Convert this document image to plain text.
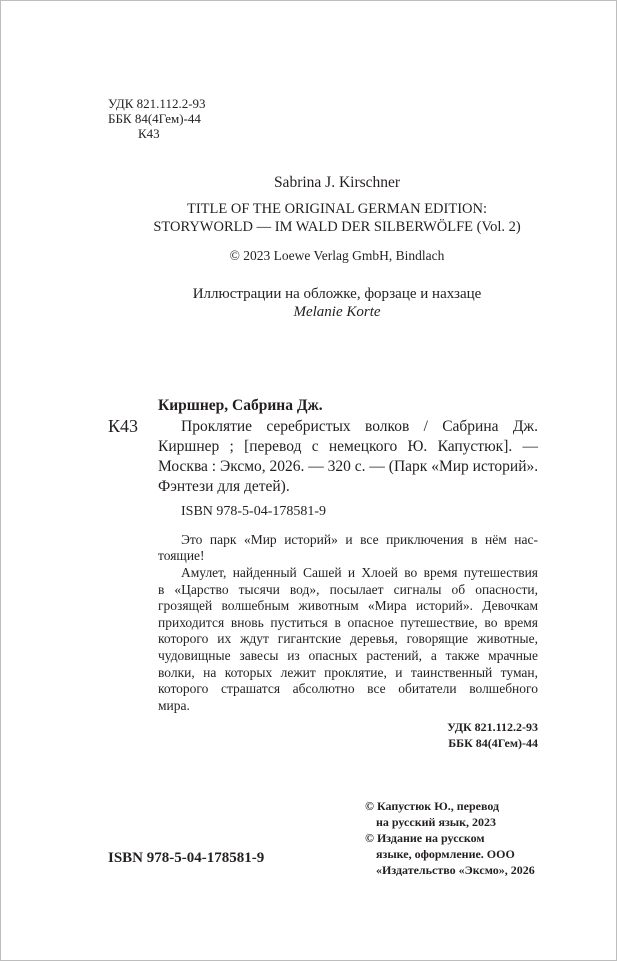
УДК 821.112.2-93
ББК 84(4Гем)-44
К43
Sabrina J. Kirschner
TITLE OF THE ORIGINAL GERMAN EDITION:
STORYWORLD — IM WALD DER SILBERWÖLFE (Vol. 2)
© 2023 Loewe Verlag GmbH, Bindlach
Иллюстрации на обложке, форзаце и нахзаце
Melanie Korte
Киршнер, Сабрина Дж.
К43	Проклятие серебристых волков / Сабрина Дж.
Киршнер ; [перевод с немецкого Ю. Капустюк]. —
Москва : Эксмо, 2026. — 320 с. — (Парк «Мир историй».
Фэнтези для детей).
ISBN 978-5-04-178581-9
Это парк «Мир историй» и все приключения в нём нас-
тоящие!
Амулет, найденный Сашей и Хлоей во время путешествия
в «Царство тысячи вод», посылает сигналы об опасности,
грозящей волшебным животным «Мира историй». Девочкам
приходится вновь пуститься в опасное путешествие, во время
которого их ждут гигантские деревья, говорящие животные,
чудовищные завесы из опасных растений, а также мрачные
волки, на которых лежит проклятие, и таинственный туман,
которого страшатся абсолютно все обитатели волшебного
мира.
УДК 821.112.2-93
ББК 84(4Гем)-44
© Капустюк Ю., перевод
на русский язык, 2023
© Издание на русском
языке, оформление. ООО
«Издательство «Эксмо», 2026
ISBN 978-5-04-178581-9
